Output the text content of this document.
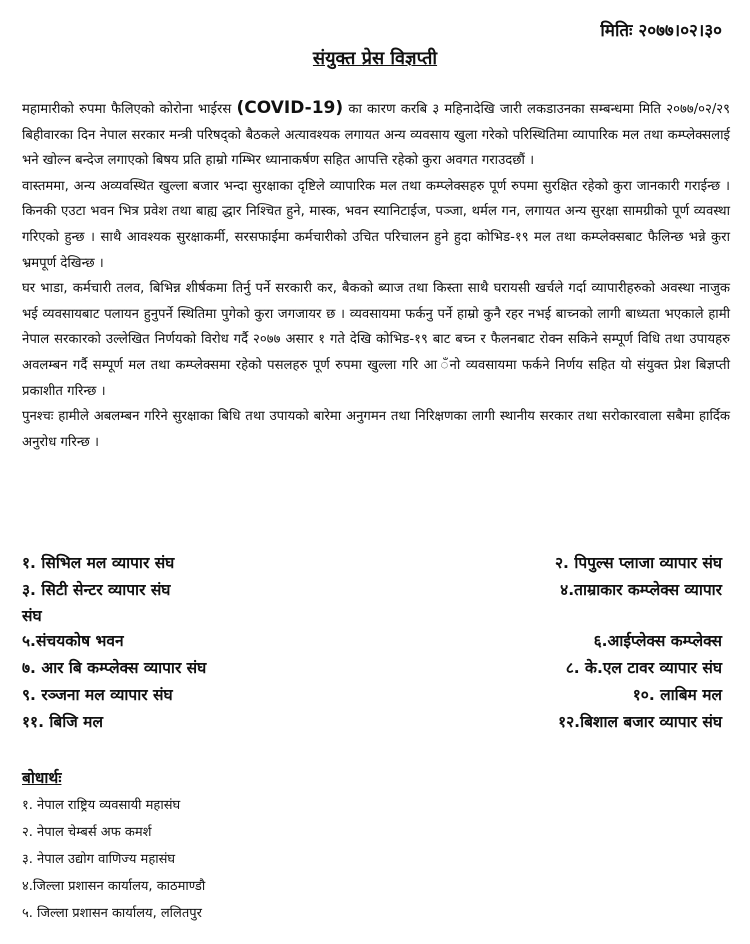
मितिः २०७७।०२।३०
संयुक्त प्रेस विज्ञप्ती

महामारीको रुपमा फैलिएको कोरोना भाईरस (COVID-19) का कारण करबि ३ महिनादेखि जारी लकडाउनका सम्बन्धमा मिति २०७७/०२/२९ बिहीवारका दिन नेपाल सरकार मन्त्री परिषद्को बैठकले अत्यावश्यक लगायत अन्य व्यवसाय खुला गरेको परिस्थितिमा व्यापारिक मल तथा कम्प्लेक्सलाई भने खोल्न बन्देज लगाएको बिषय प्रति हाम्रो गम्भिर ध्यानाकर्षण सहित आपत्ति रहेको कुरा अवगत गराउदछौं ।

वास्तममा, अन्य अव्यवस्थित खुल्ला बजार भन्दा सुरक्षाका दृष्टिले व्यापारिक मल तथा कम्प्लेक्सहरु पूर्ण रुपमा सुरक्षित रहेको कुरा जानकारी गराईन्छ । किनकी एउटा भवन भित्र प्रवेश तथा बाह्य द्धार निश्चित हुने, मास्क, भवन स्यानिटाईज, पञ्जा, थर्मल गन, लगायत अन्य सुरक्षा सामग्रीको पूर्ण व्यवस्था गरिएको हुन्छ । साथै आवश्यक सुरक्षाकर्मी, सरसफाईमा कर्मचारीको उचित परिचालन हुने हुदा कोभिड-१९ मल तथा कम्प्लेक्सबाट फैलिन्छ भन्ने कुरा भ्रमपूर्ण देखिन्छ ।

घर भाडा, कर्मचारी तलव, बिभिन्न शीर्षकमा तिर्नु पर्ने सरकारी कर, बैकको ब्याज तथा किस्ता साथै घरायसी खर्चले गर्दा व्यापारीहरुको अवस्था नाजुक भई व्यवसायबाट पलायन हुनुपर्ने स्थितिमा पुगेको कुरा जगजायर छ । व्यवसायमा फर्कनु पर्ने हाम्रो कुनै रहर नभई बाच्नको लागी बाध्यता भएकाले हामी नेपाल सरकारको उल्लेखित निर्णयको विरोध गर्दै २०७७ असार १ गते देखि कोभिड-१९ बाट बच्न र फैलनबाट रोक्न सकिने सम्पूर्ण विधि तथा उपायहरु अवलम्बन गर्दै सम्पूर्ण मल तथा कम्प्लेक्समा रहेको पसलहरु पूर्ण रुपमा खुल्ला गरि आ ँनो व्यवसायमा फर्कने निर्णय सहित यो संयुक्त प्रेश बिज्ञप्ती प्रकाशीत गरिन्छ ।

पुनश्चः हामीले अबलम्बन गरिने सुरक्षाका बिधि तथा उपायको बारेमा अनुगमन तथा निरिक्षणका लागी स्थानीय सरकार तथा सरोकारवाला सबैमा हार्दिक अनुरोध गरिन्छ ।

१. सिभिल मल व्यापार संघ	२. पिपुल्स प्लाजा व्यापार संघ
३. सिटी सेन्टर व्यापार संघ	४.ताम्राकार कम्प्लेक्स व्यापार
संघ
५.संचयकोष भवन	६.आईप्लेक्स कम्प्लेक्स
७. आर बि कम्प्लेक्स व्यापार संघ	८. के.एल टावर व्यापार संघ
९. रञ्जना मल व्यापार संघ	१०. लाबिम मल
११. बिजि मल	१२.बिशाल बजार व्यापार संघ
बोधार्थः
१. नेपाल राष्ट्रिय व्यवसायी महासंघ
२. नेपाल चेम्बर्स अफ कमर्श
३. नेपाल उद्योग वाणिज्य महासंघ
४.जिल्ला प्रशासन कार्यालय, काठमाण्डौ
५. जिल्ला प्रशासन कार्यालय, ललितपुर
